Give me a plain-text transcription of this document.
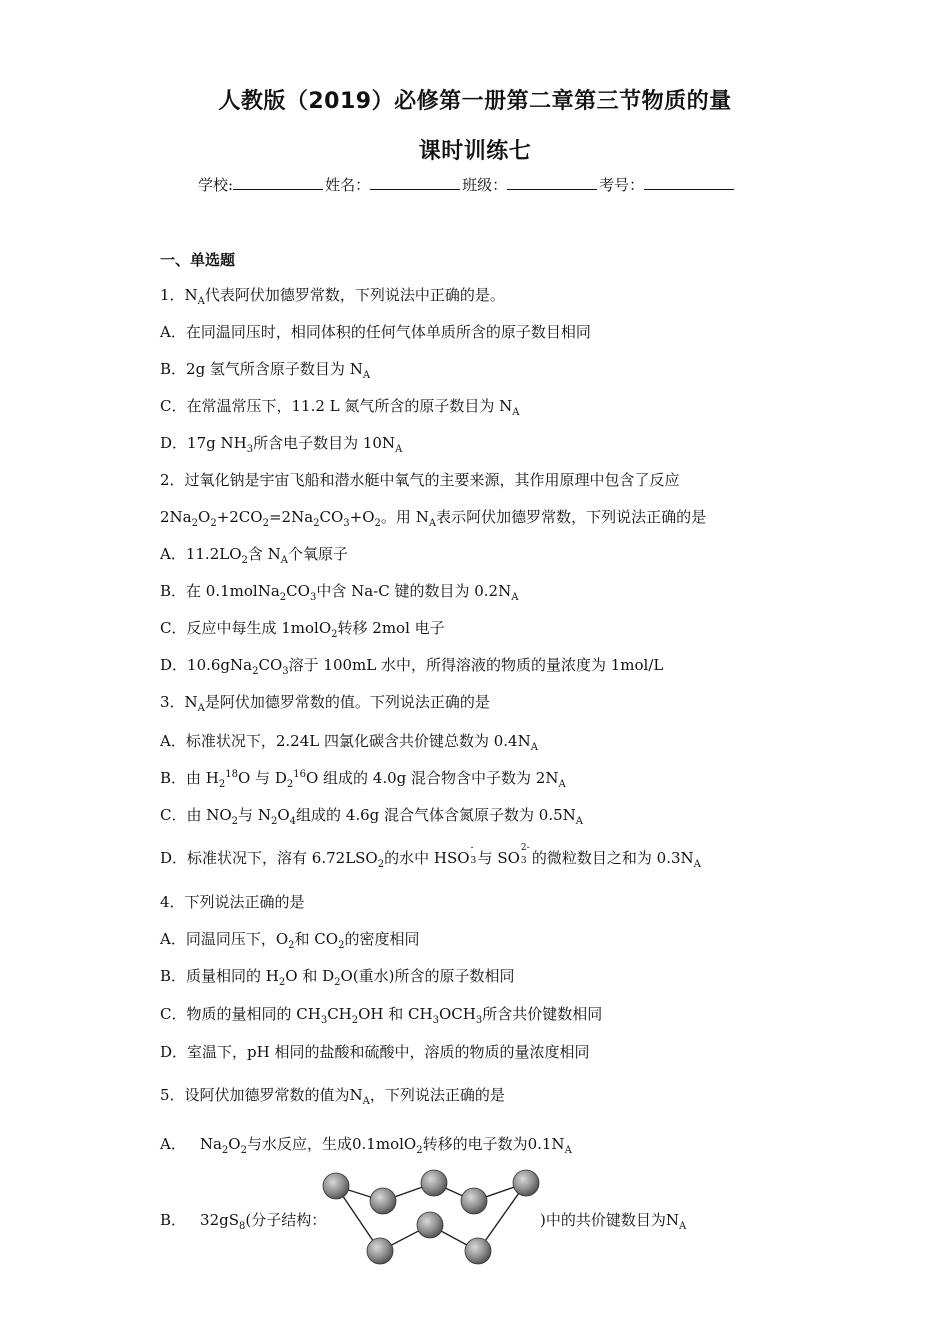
人教版（2019）必修第一册第二章第三节物质的量
课时训练七
学校:	姓名：	班级：	考号：
一、单选题
1．$N_A$代表阿伏加德罗常数，下列说法中正确的是。
A．在同温同压时，相同体积的任何气体单质所含的原子数目相同
B．2g 氢气所含原子数目为 $N_A$
C．在常温常压下，11.2 L 氮气所含的原子数目为 $N_A$
D．17g $NH_3$所含电子数目为 $10N_A$
2．过氧化钠是宇宙飞船和潜水艇中氧气的主要来源，其作用原理中包含了反应
$2Na_2O_2+2CO_2=2Na_2CO_3+O_2$。用 $N_A$表示阿伏加德罗常数，下列说法正确的是
A．$11.2LO_2$含 $N_A$个氧原子
B．在 $0.1molNa_2CO_3$中含 Na-C 键的数目为 $0.2N_A$
C．反应中每生成 1molO$_2$转移 2mol 电子
D．$10.6gNa_2CO_3$溶于 100mL 水中，所得溶液的物质的量浓度为 1mol/L
3．$N_A$是阿伏加德罗常数的值。下列说法正确的是
A．标准状况下，2.24L 四氯化碳含共价键总数为 $0.4N_A$
B．由 $H_2^{18}O$ 与 $D_2^{16}O$ 组成的 4.0g 混合物含中子数为 $2N_A$
C．由 $NO_2$与 $N_2O_4$组成的 4.6g 混合气体含氮原子数为 $0.5N_A$
D．标准状况下，溶有 $6.72LSO_2$的水中 HSO
-
3 与 SO
2-
3 的微粒数目之和为 $0.3N_A$
4．下列说法正确的是
A．同温同压下，$O_2$和 $CO_2$的密度相同
B．质量相同的 $H_2O$ 和 $D_2O$(重水)所含的原子数相同
C．物质的量相同的 $CH_3CH_2OH$ 和 $CH_3OCH_3$所含共价键数相同
D．室温下，pH 相同的盐酸和硫酸中，溶质的物质的量浓度相同
5．设阿伏加德罗常数的值为$N_A$，下列说法正确的是
A． $Na_2O_2$与水反应，生成0.1molO$_2$转移的电子数为$0.1N_A$
B． $32gS_8$(分子结构：	)中的共价键数目为$N_A$
